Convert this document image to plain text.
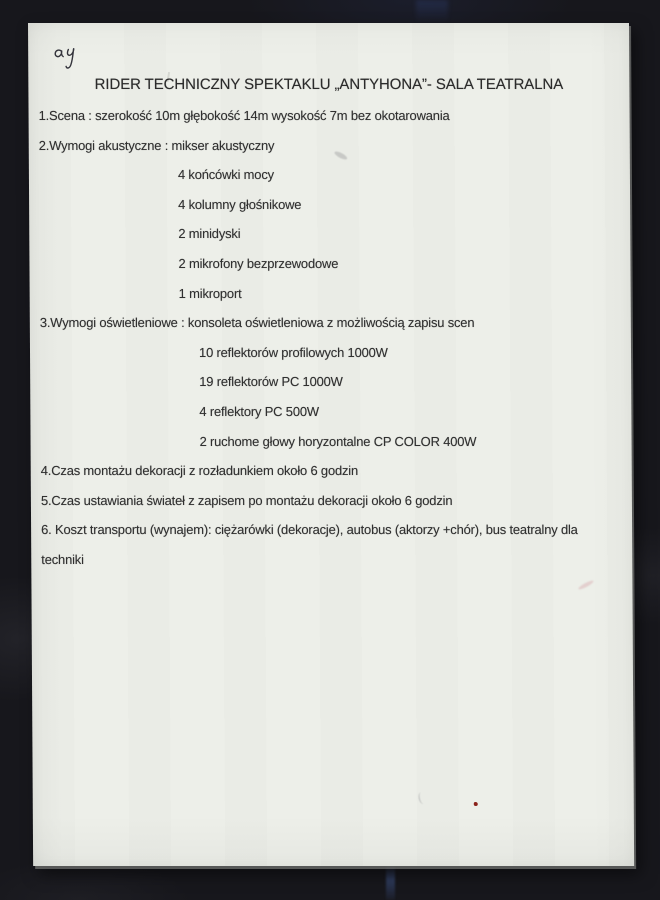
RIDER TECHNICZNY SPEKTAKLU „ANTYHONA”- SALA TEATRALNA
1.Scena : szerokość 10m głębokość 14m wysokość 7m bez okotarowania
2.Wymogi akustyczne : mikser akustyczny
4 końcówki mocy
4 kolumny głośnikowe
2 minidyski
2 mikrofony bezprzewodowe
1 mikroport
3.Wymogi oświetleniowe : konsoleta oświetleniowa z możliwością zapisu scen
10 reflektorów profilowych 1000W
19 reflektorów PC 1000W
4 reflektory PC 500W
2 ruchome głowy horyzontalne CP COLOR 400W
4.Czas montażu dekoracji z rozładunkiem około 6 godzin
5.Czas ustawiania świateł z zapisem po montażu dekoracji około 6 godzin
6. Koszt transportu (wynajem): ciężarówki (dekoracje), autobus (aktorzy +chór), bus teatralny dla
techniki
